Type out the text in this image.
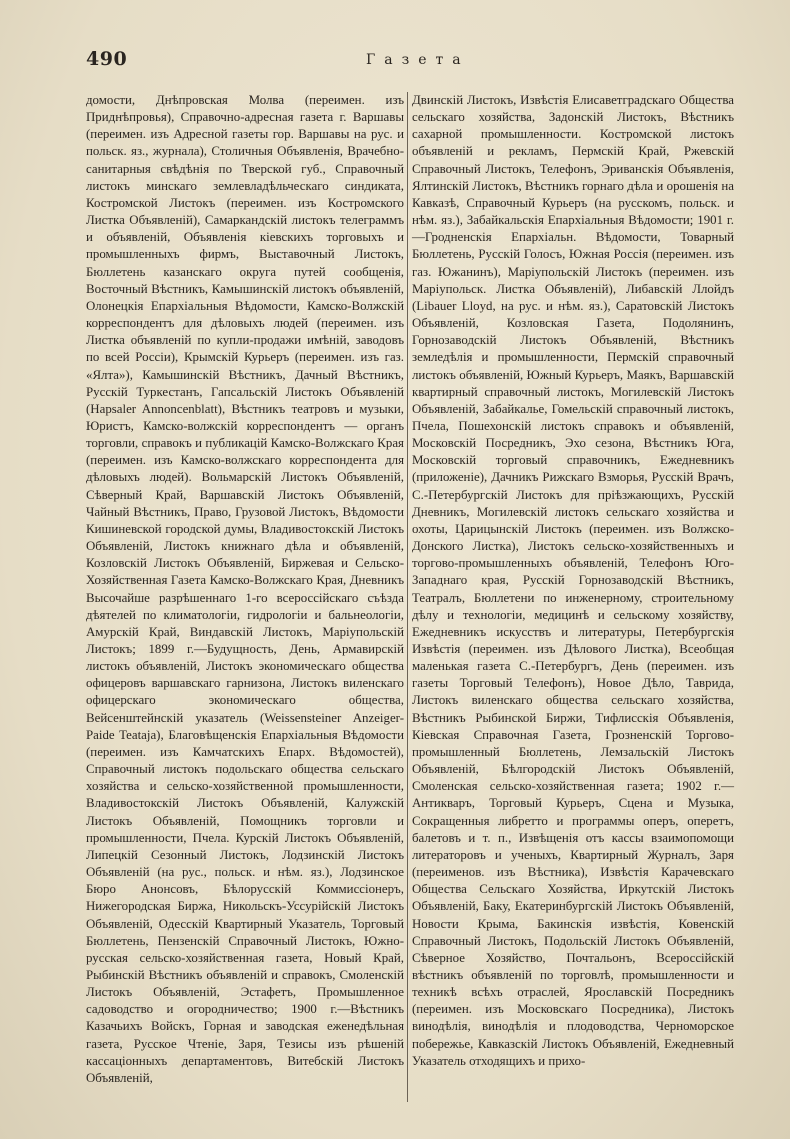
490	Газета

домости, Днѣпровская Молва (переимен. изъ Приднѣпровья), Справочно-адресная газета г. Варшавы (переимен. изъ Адресной газеты гор. Варшавы на рус. и польск. яз., журнала), Столичныя Объявленія, Врачебно-санитарныя свѣдѣнія по Тверской губ., Справочный листокъ минскаго землевладѣльческаго синдиката, Костромской Листокъ (переимен. изъ Костромского Листка Объявленій), Самаркандскій листокъ телеграммъ и объявленій, Объявленія кіевскихъ торговыхъ и промышленныхъ фирмъ, Выставочный Листокъ, Бюллетень казанскаго округа путей сообщенія, Восточный Вѣстникъ, Камышинскій листокъ объявленій, Олонецкія Епархіальныя Вѣдомости, Камско-Волжскій корреспондентъ для дѣловыхъ людей (переимен. изъ Листка объявленій по купли-продажи имѣній, заводовъ по всей Россіи), Крымскій Курьеръ (переимен. изъ газ. «Ялта»), Камышинскій Вѣстникъ, Дачный Вѣстникъ, Русскій Туркестанъ, Гапсальскій Листокъ Объявленій (Hapsaler Annoncenblatt), Вѣстникъ театровъ и музыки, Юристъ, Камско-волжскій корреспондентъ — органъ торговли, справокъ и публикацій Камско-Волжскаго Края (переимен. изъ Камско-волжскаго корреспондента для дѣловыхъ людей). Вольмарскій Листокъ Объявленій, Сѣверный Край, Варшавскій Листокъ Объявленій, Чайный Вѣстникъ, Право, Грузовой Листокъ, Вѣдомости Кишиневской городской думы, Владивостокскій Листокъ Объявленій, Листокъ книжнаго дѣла и объявленій, Козловскій Листокъ Объявленій, Биржевая и Сельско-Хозяйственная Газета Камско-Волжскаго Края, Дневникъ Высочайше разрѣшеннаго 1-го всероссійскаго съѣзда дѣятелей по климатологіи, гидрологіи и бальнеологіи, Амурскій Край, Виндавскій Листокъ, Маріупольскій Листокъ; 1899 г.—Будущность, День, Армавирскій листокъ объявленій, Листокъ экономическаго общества офицеровъ варшавскаго гарнизона, Листокъ виленскаго офицерскаго экономическаго общества, Вейсенштейнскій указатель (Weissensteiner Anzeiger-Paide Teataja), Благовѣщенскія Епархіальныя Вѣдомости (переимен. изъ Камчатскихъ Епарх. Вѣдомостей), Справочный листокъ подольскаго общества сельскаго хозяйства и сельско-хозяйственной промышленности, Владивостокскій Листокъ Объявленій, Калужскій Листокъ Объявленій, Помощникъ торговли и промышленности, Пчела. Курскій Листокъ Объявленій, Липецкій Сезонный Листокъ, Лодзинскій Листокъ Объявленій (на рус., польск. и нѣм. яз.), Лодзинское Бюро Анонсовъ, Бѣлорусскій Коммиссіонеръ, Нижегородская Биржа, Никольскъ-Уссурійскій Листокъ Объявленій, Одесскій Квартирный Указатель, Торговый Бюллетень, Пензенскій Справочный Листокъ, Южно-русская сельско-хозяйственная газета, Новый Край, Рыбинскій Вѣстникъ объявленій и справокъ, Смоленскій Листокъ Объявленій, Эстафетъ, Промышленное садоводство и огородничество; 1900 г.—Вѣстникъ Казачьихъ Войскъ, Горная и заводская еженедѣльная газета, Русское Чтеніе, Заря, Тезисы изъ рѣшеній кассаціонныхъ департаментовъ, Витебскій Листокъ Объявленій,

Двинскій Листокъ, Извѣстія Елисаветградскаго Общества сельскаго хозяйства, Задонскій Листокъ, Вѣстникъ сахарной промышленности. Костромской листокъ объявленій и рекламъ, Пермскій Край, Ржевскій Справочный Листокъ, Телефонъ, Эриванскія Объявленія, Ялтинскій Листокъ, Вѣстникъ горнаго дѣла и орошенія на Кавказѣ, Справочный Курьеръ (на русскомъ, польск. и нѣм. яз.), Забайкальскія Епархіальныя Вѣдомости; 1901 г.—Гродненскія Епархіальн. Вѣдомости, Товарный Бюллетень, Русскій Голосъ, Южная Россія (переимен. изъ газ. Южанинъ), Маріупольскій Листокъ (переимен. изъ Маріупольск. Листка Объявленій), Либавскій Ллойдъ (Libauer Lloyd, на рус. и нѣм. яз.), Саратовскій Листокъ Объявленій, Козловская Газета, Подолянинъ, Горнозаводскій Листокъ Объявленій, Вѣстникъ земледѣлія и промышленности, Пермскій справочный листокъ объявленій, Южный Курьеръ, Маякъ, Варшавскій квартирный справочный листокъ, Могилевскій Листокъ Объявленій, Забайкалье, Гомельскій справочный листокъ, Пчела, Пошехонскій листокъ справокъ и объявленій, Московскій Посредникъ, Эхо сезона, Вѣстникъ Юга, Московскій торговый справочникъ, Ежедневникъ (приложеніе), Дачникъ Рижскаго Взморья, Русскій Врачъ, С.-Петербургскій Листокъ для пріѣзжающихъ, Русскій Дневникъ, Могилевскій листокъ сельскаго хозяйства и охоты, Царицынскій Листокъ (переимен. изъ Волжско-Донского Листка), Листокъ сельско-хозяйственныхъ и торгово-промышленныхъ объявленій, Телефонъ Юго-Западнаго края, Русскій Горнозаводскій Вѣстникъ, Театралъ, Бюллетени по инженерному, строительному дѣлу и технологіи, медицинѣ и сельскому хозяйству, Ежедневникъ искусствъ и литературы, Петербургскія Извѣстія (переимен. изъ Дѣлового Листка), Всеобщая маленькая газета С.-Петербургъ, День (переимен. изъ газеты Торговый Телефонъ), Новое Дѣло, Таврида, Листокъ виленскаго общества сельскаго хозяйства, Вѣстникъ Рыбинской Биржи, Тифлисскія Объявленія, Кіевская Справочная Газета, Грозненскій Торгово-промышленный Бюллетень, Лемзальскій Листокъ Объявленій, Бѣлгородскій Листокъ Объявленій, Смоленская сельско-хозяйственная газета; 1902 г.—Антикваръ, Торговый Курьеръ, Сцена и Музыка, Сокращенныя либретто и программы оперъ, оперетъ, балетовъ и т. п., Извѣщенія отъ кассы взаимопомощи литераторовъ и ученыхъ, Квартирный Журналъ, Заря (переименов. изъ Вѣстника), Извѣстія Карачевскаго Общества Сельскаго Хозяйства, Иркутскій Листокъ Объявленій, Баку, Екатеринбургскій Листокъ Объявленій, Новости Крыма, Бакинскія извѣстія, Ковенскій Справочный Листокъ, Подольскій Листокъ Объявленій, Сѣверное Хозяйство, Почтальонъ, Всероссійскій вѣстникъ объявленій по торговлѣ, промышленности и техникѣ всѣхъ отраслей, Ярославскій Посредникъ (переимен. изъ Московскаго Посредника), Листокъ винодѣлія, винодѣлія и плодоводства, Черноморское побережье, Кавказскій Листокъ Объявленій, Ежедневный Указатель отходящихъ и прихо-
